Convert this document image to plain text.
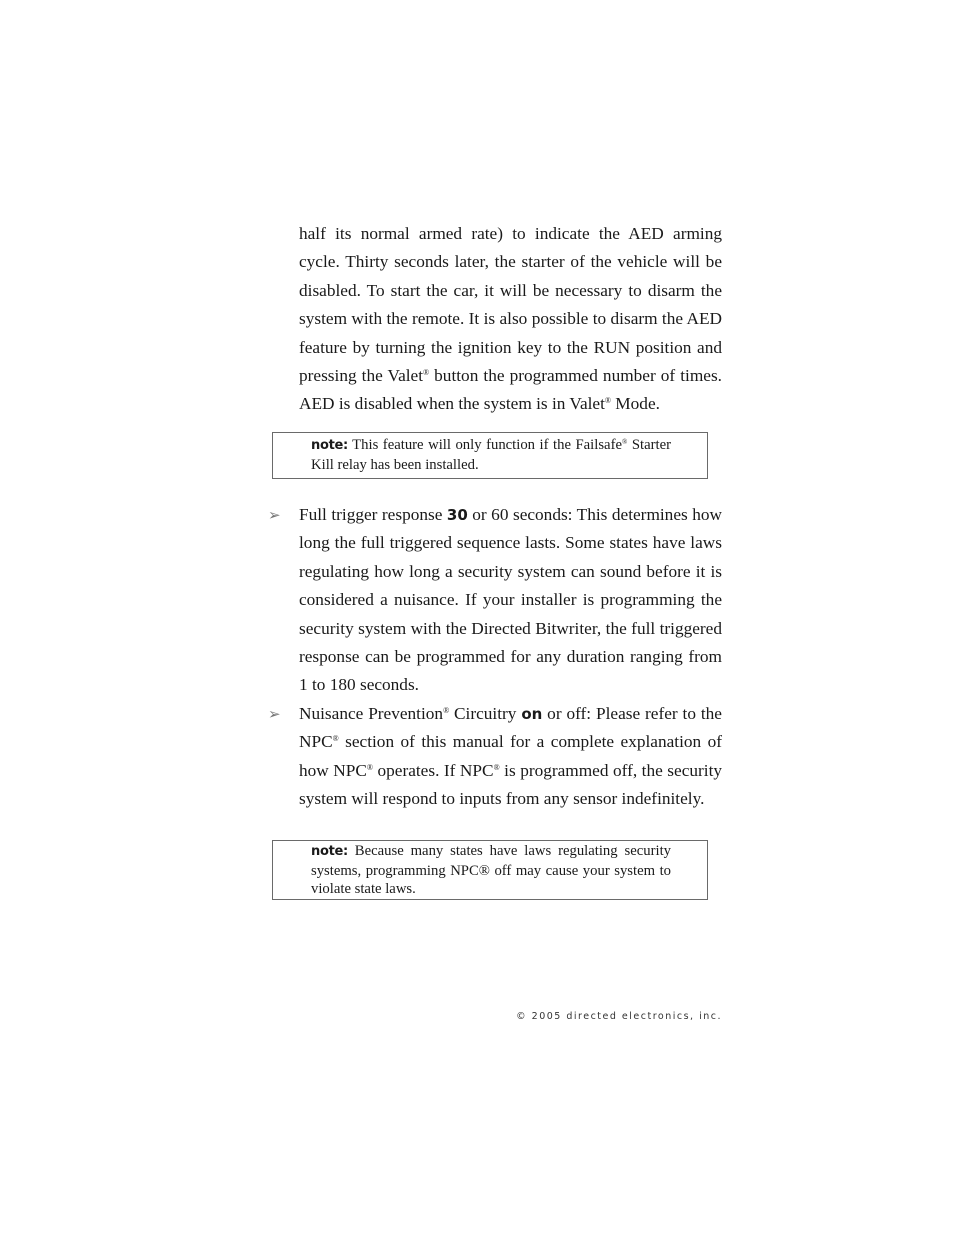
half its normal armed rate) to indicate the AED arming cycle. Thirty seconds later, the starter of the vehicle will be disabled. To start the car, it will be necessary to disarm the system with the remote. It is also possible to disarm the AED feature by turning the ignition key to the RUN position and pressing the Valet® button the programmed number of times. AED is disabled when the system is in Valet® Mode.

note: This feature will only function if the Failsafe® Starter Kill relay has been installed.

➢ Full trigger response 30 or 60 seconds: This determines how long the full triggered sequence lasts. Some states have laws regulating how long a security system can sound before it is considered a nuisance. If your installer is programming the security system with the Directed Bitwriter, the full triggered response can be programmed for any duration ranging from 1 to 180 seconds.

➢ Nuisance Prevention® Circuitry on or off: Please refer to the NPC® section of this manual for a complete explanation of how NPC® operates. If NPC® is programmed off, the security system will respond to inputs from any sensor indefinitely.

note: Because many states have laws regulating security systems, programming NPC® off may cause your system to violate state laws.

© 2005 directed electronics, inc.
